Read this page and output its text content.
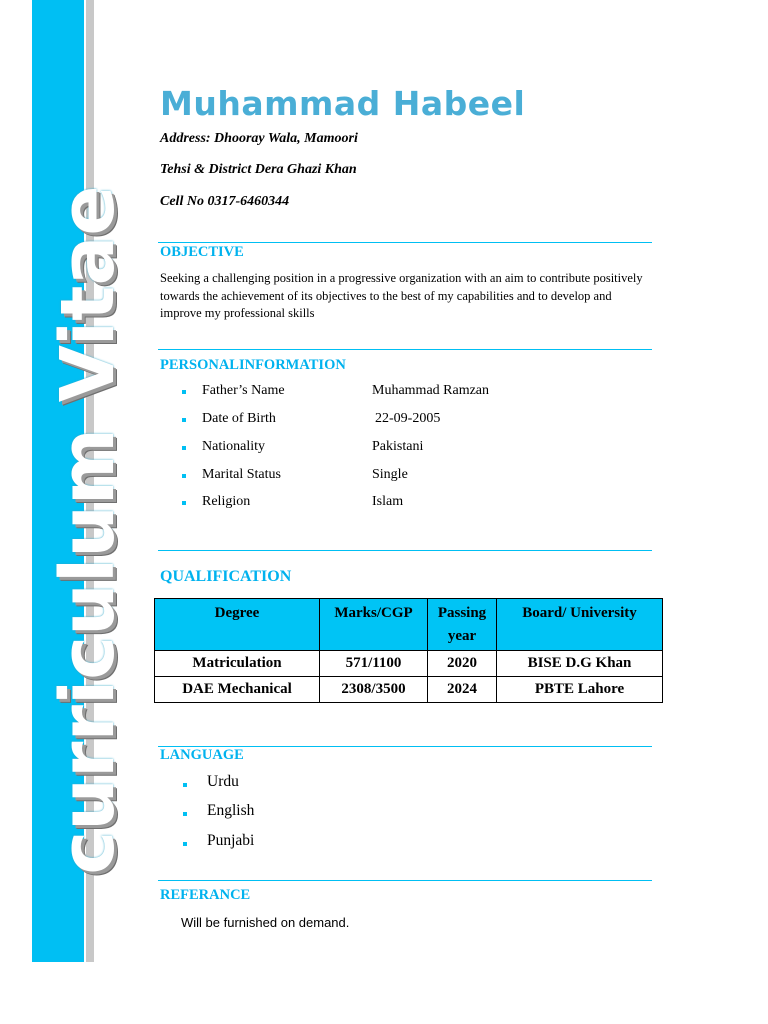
curriculum Vitae
Muhammad Habeel
Address: Dhooray Wala, Mamoori
Tehsi & District Dera Ghazi Khan
Cell No 0317-6460344
OBJECTIVE
Seeking a challenging position in a progressive organization with an aim to contribute positively
towards the achievement of its objectives to the best of my capabilities and to develop and
improve my professional skills
PERSONALINFORMATION
Father’s Name	Muhammad Ramzan
Date of Birth	22-09-2005
Nationality	Pakistani
Marital Status	Single
Religion	Islam
QUALIFICATION
Degree	Marks/CGP	Passing year	Board/ University
Matriculation	571/1100	2020	BISE D.G Khan
DAE Mechanical	2308/3500	2024	PBTE Lahore
LANGUAGE
Urdu
English
Punjabi
REFERANCE
Will be furnished on demand.
